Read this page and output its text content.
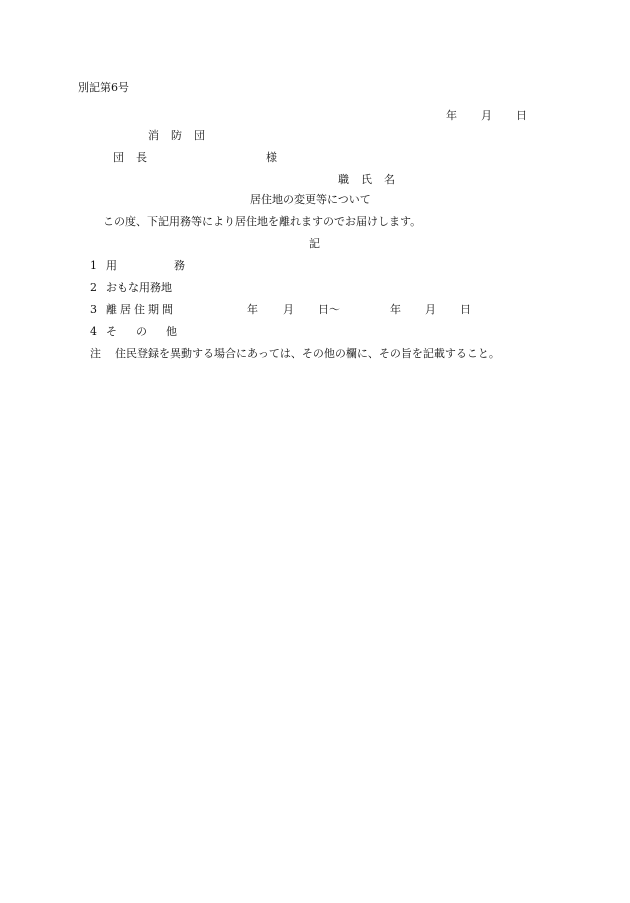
別記第6号
年 月 日
消防団
団長	様
職氏名
居住地の変更等について
この度、下記用務等により居住地を離れますのでお届けします。
記
1 用務
2 おもな用務地
3 離居住期間	年 月 日〜	年 月 日
4 その他
注 住民登録を異動する場合にあっては、その他の欄に、その旨を記載すること。
